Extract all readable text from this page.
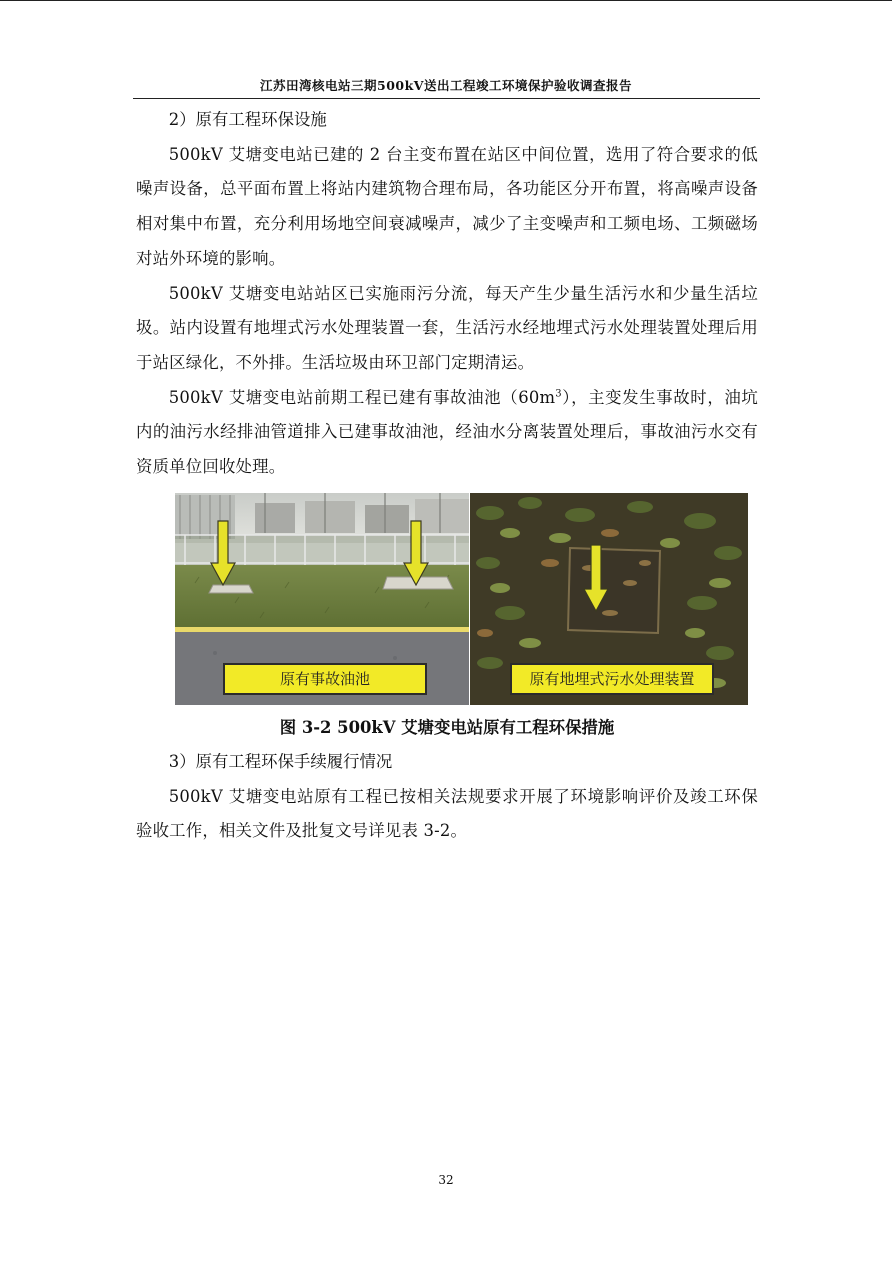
江苏田湾核电站三期500kV送出工程竣工环境保护验收调查报告

2）原有工程环保设施

500kV 艾塘变电站已建的 2 台主变布置在站区中间位置，选用了符合要求的低噪声设备，总平面布置上将站内建筑物合理布局，各功能区分开布置，将高噪声设备相对集中布置，充分利用场地空间衰减噪声，减少了主变噪声和工频电场、工频磁场对站外环境的影响。

500kV 艾塘变电站站区已实施雨污分流，每天产生少量生活污水和少量生活垃圾。站内设置有地埋式污水处理装置一套，生活污水经地埋式污水处理装置处理后用于站区绿化，不外排。生活垃圾由环卫部门定期清运。

500kV 艾塘变电站前期工程已建有事故油池$(60m^3)$，主变发生事故时，油坑内的油污水经排油管道排入已建事故油池，经油水分离装置处理后，事故油污水交有资质单位回收处理。

原有事故油池	原有地埋式污水处理装置
图 3-2 500kV 艾塘变电站原有工程环保措施

3）原有工程环保手续履行情况

500kV 艾塘变电站原有工程已按相关法规要求开展了环境影响评价及竣工环保验收工作，相关文件及批复文号详见表 3-2。

32
